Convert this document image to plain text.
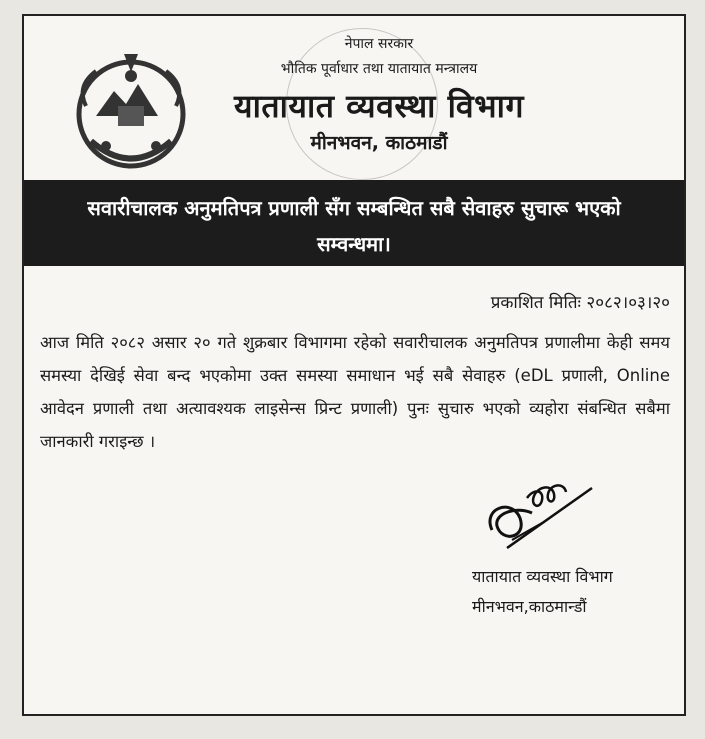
नेपाल सरकार
भौतिक पूर्वाधार तथा यातायात मन्त्रालय
यातायात व्यवस्था विभाग
मीनभवन, काठमाडौं
सवारीचालक अनुमतिपत्र प्रणाली सँग सम्बन्धित सबै सेवाहरु सुचारू भएको
सम्वन्धमा।
प्रकाशित मितिः २०८२।०३।२०
आज मिति २०८२ असार २० गते शुक्रबार विभागमा रहेको सवारीचालक अनुमतिपत्र प्रणालीमा केही समय समस्या देखिई सेवा बन्द भएकोमा उक्त समस्या समाधान भई सबै सेवाहरु (eDL प्रणाली, Online आवेदन प्रणाली तथा अत्यावश्यक लाइसेन्स प्रिन्ट प्रणाली) पुनः सुचारु भएको व्यहोरा संबन्धित सबैमा जानकारी गराइन्छ ।
यातायात व्यवस्था विभाग
मीनभवन,काठमान्डौं
